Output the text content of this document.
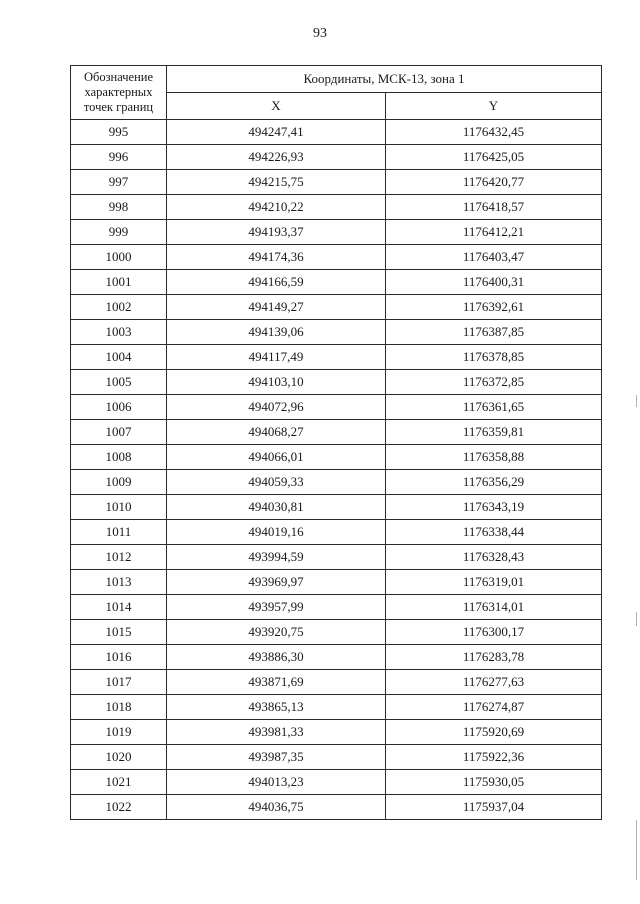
93
Обозначение характерных точек границ	Координаты, МСК-13, зона 1	
	X	Y
995	494247,41	1176432,45
996	494226,93	1176425,05
997	494215,75	1176420,77
998	494210,22	1176418,57
999	494193,37	1176412,21
1000	494174,36	1176403,47
1001	494166,59	1176400,31
1002	494149,27	1176392,61
1003	494139,06	1176387,85
1004	494117,49	1176378,85
1005	494103,10	1176372,85
1006	494072,96	1176361,65
1007	494068,27	1176359,81
1008	494066,01	1176358,88
1009	494059,33	1176356,29
1010	494030,81	1176343,19
1011	494019,16	1176338,44
1012	493994,59	1176328,43
1013	493969,97	1176319,01
1014	493957,99	1176314,01
1015	493920,75	1176300,17
1016	493886,30	1176283,78
1017	493871,69	1176277,63
1018	493865,13	1176274,87
1019	493981,33	1175920,69
1020	493987,35	1175922,36
1021	494013,23	1175930,05
1022	494036,75	1175937,04
